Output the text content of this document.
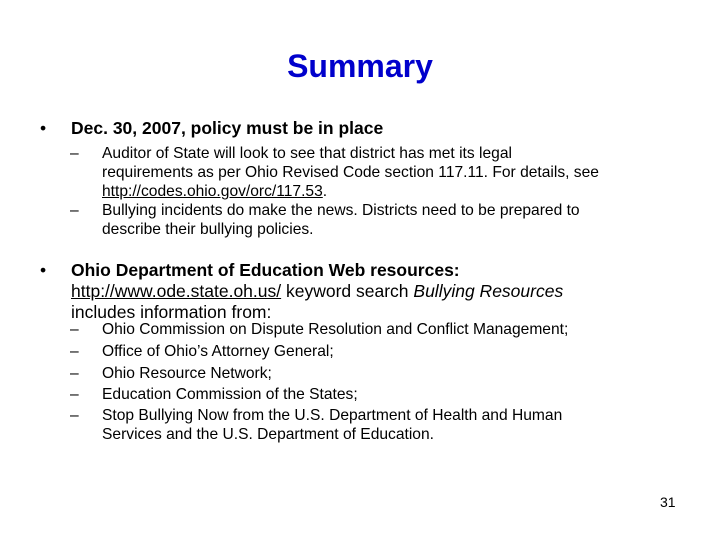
Summary
• Dec. 30, 2007, policy must be in place
– Auditor of State will look to see that district has met its legal
requirements as per Ohio Revised Code section 117.11. For details, see
http://codes.ohio.gov/orc/117.53.
– Bullying incidents do make the news. Districts need to be prepared to
describe their bullying policies.
• Ohio Department of Education Web resources:
http://www.ode.state.oh.us/ keyword search Bullying Resources
includes information from:
– Ohio Commission on Dispute Resolution and Conflict Management;
– Office of Ohio’s Attorney General;
– Ohio Resource Network;
– Education Commission of the States;
– Stop Bullying Now from the U.S. Department of Health and Human
Services and the U.S. Department of Education.
31
